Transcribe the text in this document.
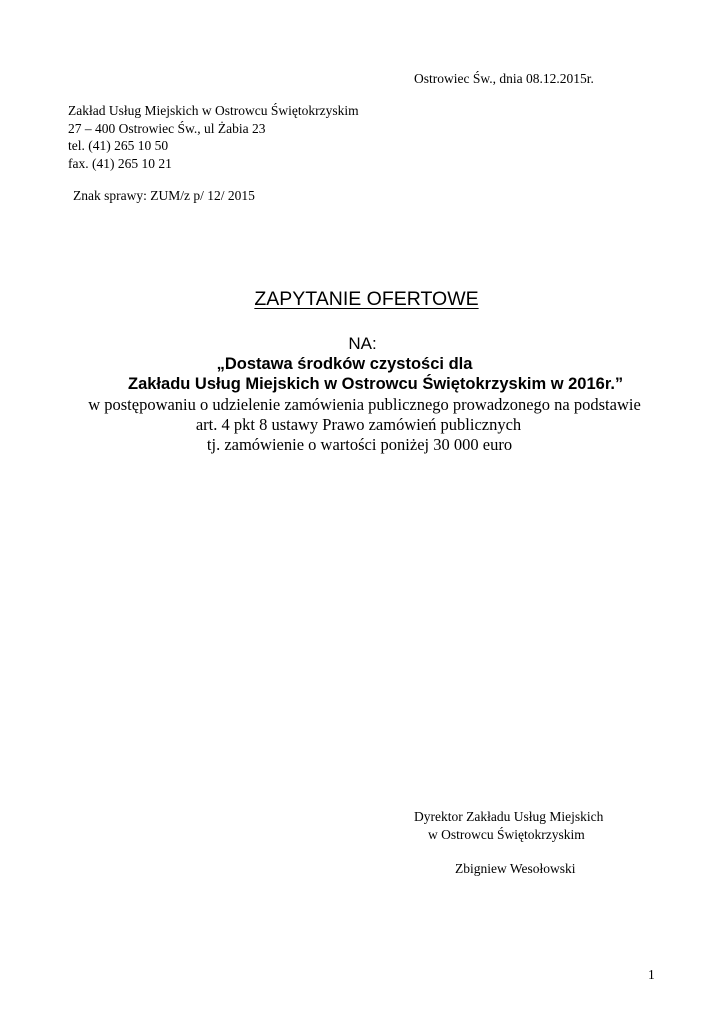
Ostrowiec Św., dnia 08.12.2015r.
Zakład Usług Miejskich w Ostrowcu Świętokrzyskim
27 – 400 Ostrowiec Św., ul Żabia 23
tel. (41) 265 10 50
fax. (41) 265 10 21
Znak sprawy: ZUM/z p/ 12/ 2015
ZAPYTANIE OFERTOWE
NA:
„Dostawa środków czystości dla
Zakładu Usług Miejskich w Ostrowcu Świętokrzyskim w 2016r.”
w postępowaniu o udzielenie zamówienia publicznego prowadzonego na podstawie
art. 4 pkt 8 ustawy Prawo zamówień publicznych
tj. zamówienie o wartości poniżej 30 000 euro
Dyrektor Zakładu Usług Miejskich
w Ostrowcu Świętokrzyskim
Zbigniew Wesołowski
1
